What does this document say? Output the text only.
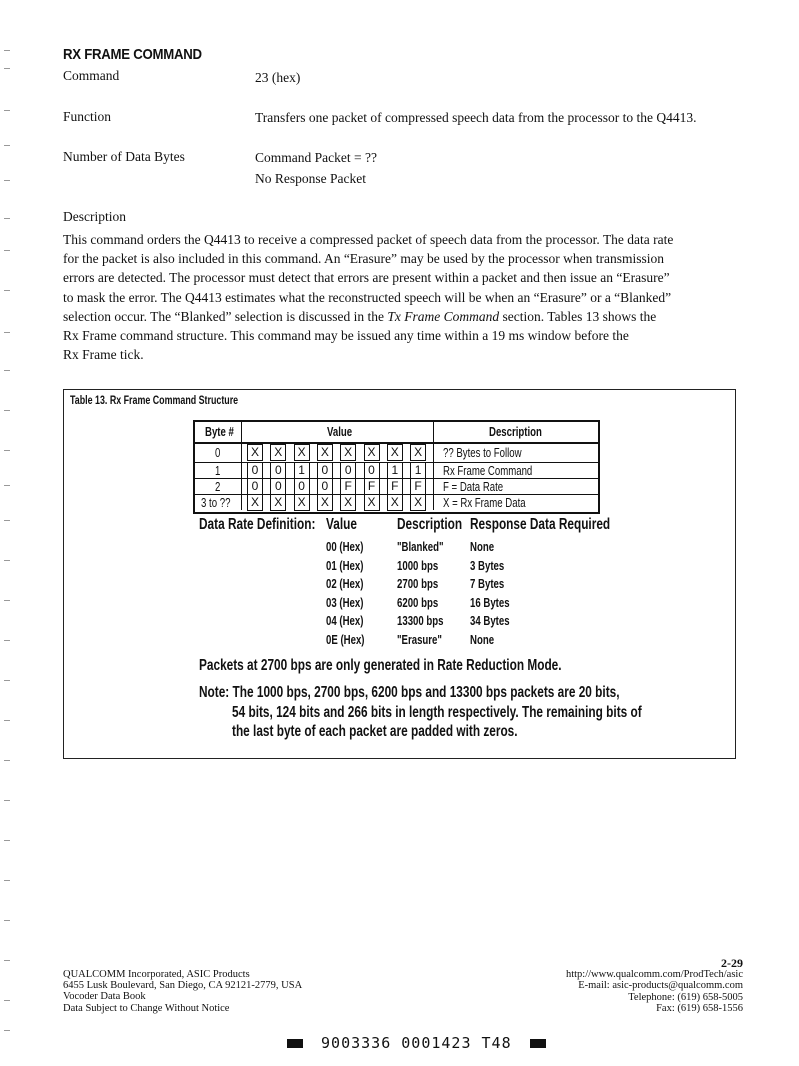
RX FRAME COMMAND
Command	23 (hex)
Function	Transfers one packet of compressed speech data from the processor to the Q4413.
Number of Data Bytes	Command Packet = ??
No Response Packet
Description
This command orders the Q4413 to receive a compressed packet of speech data from the processor. The data rate
for the packet is also included in this command. An “Erasure” may be used by the processor when transmission
errors are detected. The processor must detect that errors are present within a packet and then issue an “Erasure”
to mask the error. The Q4413 estimates what the reconstructed speech will be when an “Erasure” or a “Blanked”
selection occur. The “Blanked” selection is discussed in the Tx Frame Command section. Tables 13 shows the
Rx Frame command structure. This command may be issued any time within a 19 ms window before the
Rx Frame tick.
Table 13. Rx Frame Command Structure
Byte #	Value	Description
0	X	X	X	X	X	X	X	X	?? Bytes to Follow
1	0	0	1	0	0	0	1	1	Rx Frame Command
2	0	0	0	0	F	F	F	F	F = Data Rate
3 to ??	X	X	X	X	X	X	X	X	X = Rx Frame Data
Data Rate Definition: Value	Description Response Data Required
00 (Hex)	"Blanked" None
01 (Hex)	1000 bps 3 Bytes
02 (Hex)	2700 bps 7 Bytes
03 (Hex)	6200 bps 16 Bytes
04 (Hex)	13300 bps 34 Bytes
0E (Hex) "Erasure" None
Packets at 2700 bps are only generated in Rate Reduction Mode.
Note: The 1000 bps, 2700 bps, 6200 bps and 13300 bps packets are 20 bits,
54 bits, 124 bits and 266 bits in length respectively. The remaining bits of
the last byte of each packet are padded with zeros.
QUALCOMM Incorporated, ASIC Products
6455 Lusk Boulevard, San Diego, CA 92121-2779, USA
Vocoder Data Book
Data Subject to Change Without Notice
2-29
http://www.qualcomm.com/ProdTech/asic
E-mail: asic-products@qualcomm.com
Telephone: (619) 658-5005
Fax: (619) 658-1556
9003336 0001423 T48
